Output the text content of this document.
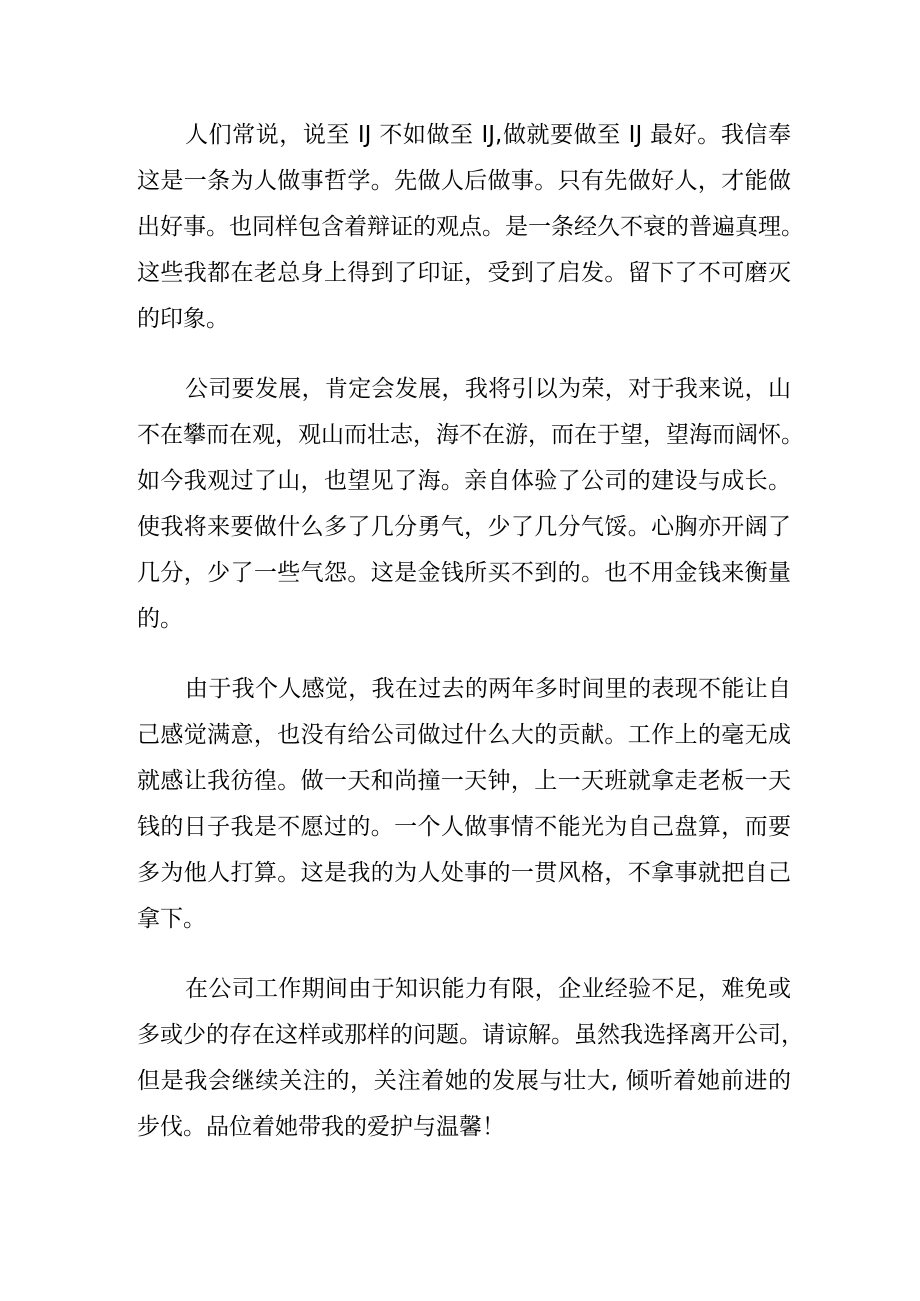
人们常说，说至 IJ 不如做至 IJ,做就要做至 IJ 最好。我信奉
这是一条为人做事哲学。先做人后做事。只有先做好人，才能做
出好事。也同样包含着辩证的观点。是一条经久不衰的普遍真理。
这些我都在老总身上得到了印证，受到了启发。留下了不可磨灭
的印象。

公司要发展，肯定会发展，我将引以为荣，对于我来说，山
不在攀而在观，观山而壮志，海不在游，而在于望，望海而阔怀。
如今我观过了山，也望见了海。亲自体验了公司的建设与成长。
使我将来要做什么多了几分勇气，少了几分气馁。心胸亦开阔了
几分，少了一些气怨。这是金钱所买不到的。也不用金钱来衡量
的。

由于我个人感觉，我在过去的两年多时间里的表现不能让自
己感觉满意，也没有给公司做过什么大的贡献。工作上的毫无成
就感让我彷徨。做一天和尚撞一天钟，上一天班就拿走老板一天
钱的日子我是不愿过的。一个人做事情不能光为自己盘算，而要
多为他人打算。这是我的为人处事的一贯风格，不拿事就把自己
拿下。

在公司工作期间由于知识能力有限，企业经验不足，难免或
多或少的存在这样或那样的问题。请谅解。虽然我选择离开公司，
但是我会继续关注的，关注着她的发展与壮大, 倾听着她前进的
步伐。品位着她带我的爱护与温馨！
